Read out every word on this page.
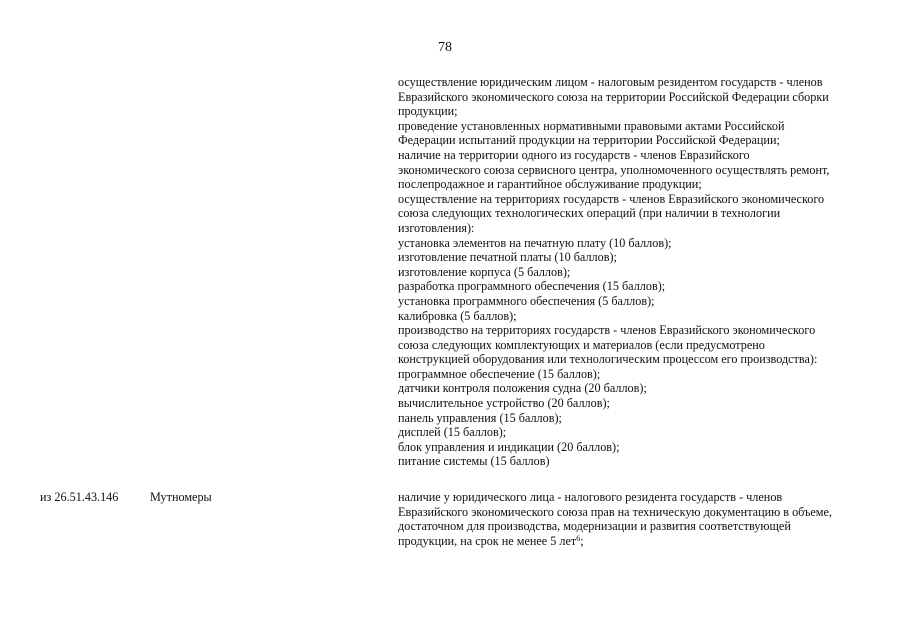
78
осуществление юридическим лицом - налоговым резидентом государств - членов
Евразийского экономического союза на территории Российской Федерации сборки
продукции;
проведение установленных нормативными правовыми актами Российской
Федерации испытаний продукции на территории Российской Федерации;
наличие на территории одного из государств - членов Евразийского
экономического союза сервисного центра, уполномоченного осуществлять ремонт,
послепродажное и гарантийное обслуживание продукции;
осуществление на территориях государств - членов Евразийского экономического
союза следующих технологических операций (при наличии в технологии
изготовления):
установка элементов на печатную плату (10 баллов);
изготовление печатной платы (10 баллов);
изготовление корпуса (5 баллов);
разработка программного обеспечения (15 баллов);
установка программного обеспечения (5 баллов);
калибровка (5 баллов);
производство на территориях государств - членов Евразийского экономического
союза следующих комплектующих и материалов (если предусмотрено
конструкцией оборудования или технологическим процессом его производства):
программное обеспечение (15 баллов);
датчики контроля положения судна (20 баллов);
вычислительное устройство (20 баллов);
панель управления (15 баллов);
дисплей (15 баллов);
блок управления и индикации (20 баллов);
питание системы (15 баллов)
из 26.51.43.146	Мутномеры	наличие у юридического лица - налогового резидента государств - членов
Евразийского экономического союза прав на техническую документацию в объеме,
достаточном для производства, модернизации и развития соответствующей
продукции, на срок не менее 5 лет$^6$;
